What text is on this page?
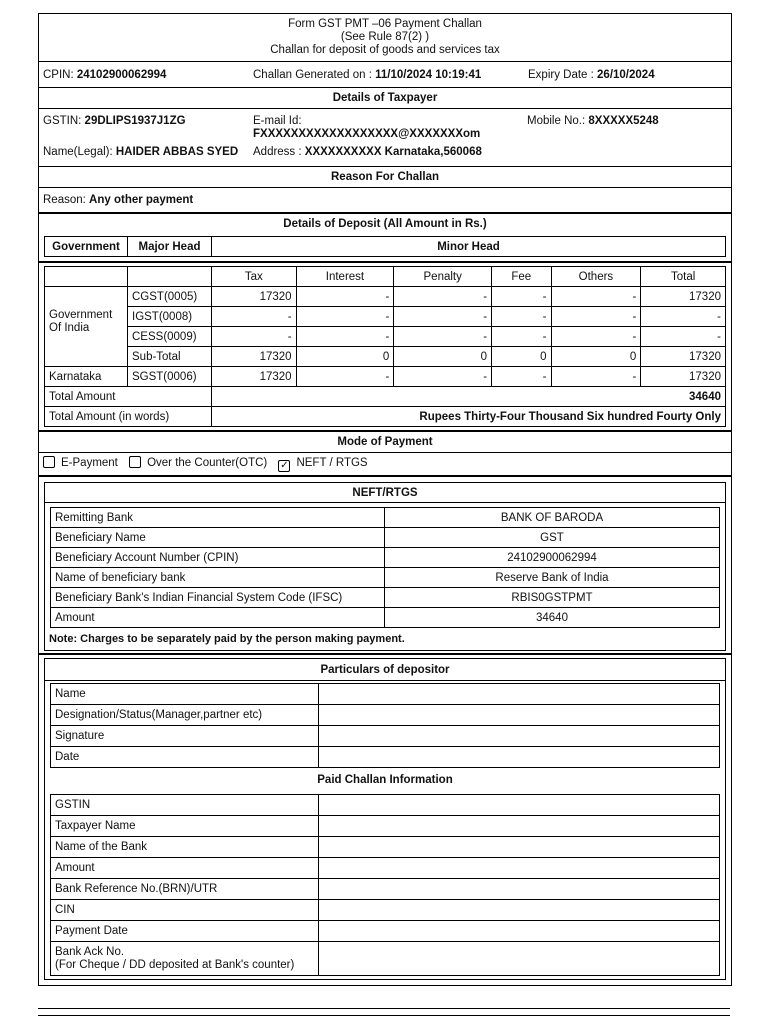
Form GST PMT –06 Payment Challan
(See Rule 87(2) )
Challan for deposit of goods and services tax
CPIN: 24102900062994	Challan Generated on : 11/10/2024 10:19:41	Expiry Date : 26/10/2024
Details of Taxpayer
GSTIN: 29DLIPS1937J1ZG	E-mail Id:
FXXXXXXXXXXXXXXXXXX@XXXXXXXom
Mobile No.: 8XXXXX5248
Name(Legal): HAIDER ABBAS SYED	Address : XXXXXXXXXX Karnataka,560068
Reason For Challan
Reason: Any other payment
Details of Deposit (All Amount in Rs.)
Government	Major Head	Minor Head
		Tax	Interest	Penalty	Fee	Others	Total
Government Of India	CGST(0005)	17320	-	-	-	-	17320
	IGST(0008)	-	-	-	-	-	-
	CESS(0009)	-	-	-	-	-	-
	Sub-Total	17320	0	0	0	0	17320
Karnataka	SGST(0006)	17320	-	-	-	-	17320
Total Amount		34640					
Total Amount (in words)		Rupees Thirty-Four Thousand Six hundred Fourty Only					
Mode of Payment
E-Payment	Over the Counter(OTC) ✓ NEFT / RTGS
NEFT/RTGS
Remitting Bank	BANK OF BARODA
Beneficiary Name	GST
Beneficiary Account Number (CPIN)	24102900062994
Name of beneficiary bank	Reserve Bank of India
Beneficiary Bank's Indian Financial System Code (IFSC)	RBIS0GSTPMT
Amount	34640
Note: Charges to be separately paid by the person making payment.
Particulars of depositor
Name	
Designation/Status(Manager,partner etc)	
Signature	
Date	
Paid Challan Information
GSTIN	
Taxpayer Name	
Name of the Bank	
Amount	
Bank Reference No.(BRN)/UTR	
CIN	
Payment Date	

Bank Ack No.
(For Cheque / DD deposited at Bank's counter)	
